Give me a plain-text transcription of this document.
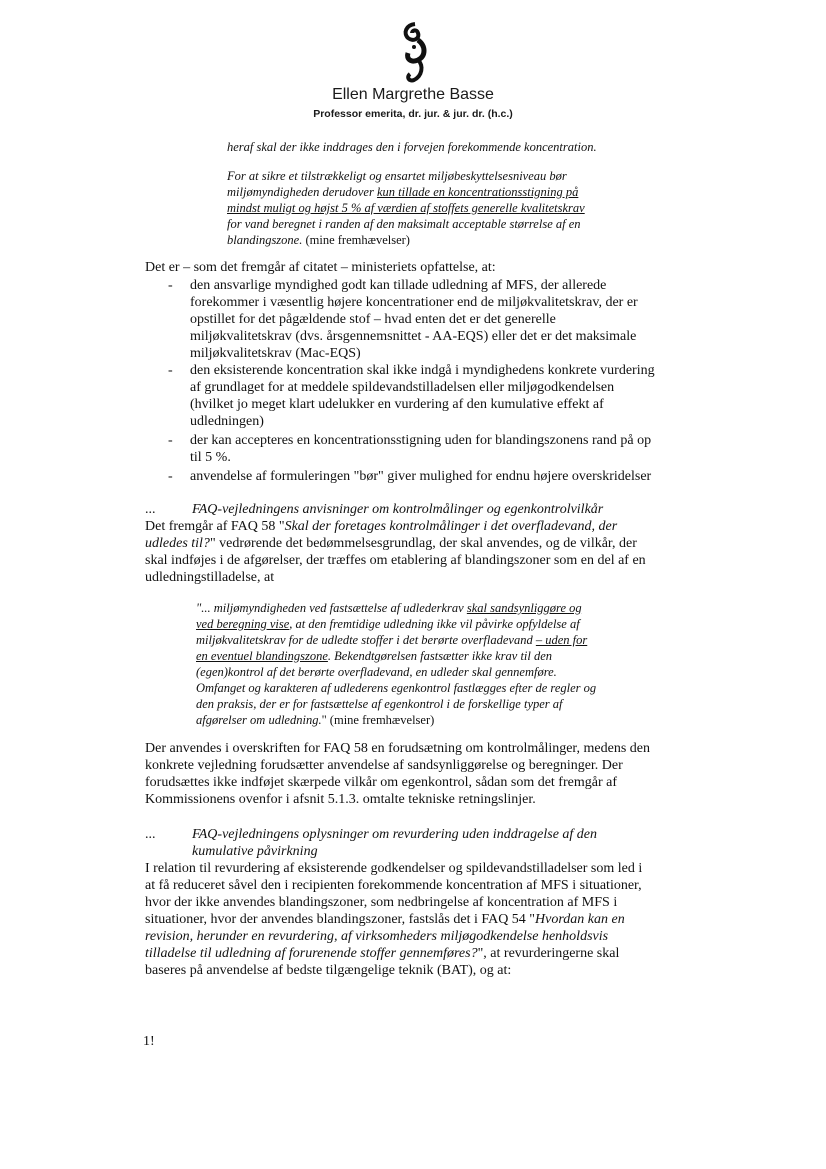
Ellen Margrethe Basse
Professor emerita, dr. jur. & jur. dr. (h.c.)
heraf skal der ikke inddrages den i forvejen forekommende koncentration.
For at sikre et tilstrækkeligt og ensartet miljøbeskyttelsesniveau bør
miljømyndigheden derudover kun tillade en koncentrationsstigning på
mindst muligt og højst 5 % af værdien af stoffets generelle kvalitetskrav
for vand beregnet i randen af den maksimalt acceptable størrelse af en
blandingszone. (mine fremhævelser)
Det er – som det fremgår af citatet – ministeriets opfattelse, at:
- den ansvarlige myndighed godt kan tillade udledning af MFS, der allerede
forekommer i væsentlig højere koncentrationer end de miljøkvalitetskrav, der er
opstillet for det pågældende stof – hvad enten det er det generelle
miljøkvalitetskrav (dvs. årsgennemsnittet - AA-EQS) eller det er det maksimale
miljøkvalitetskrav (Mac-EQS)
- den eksisterende koncentration skal ikke indgå i myndighedens konkrete vurdering
af grundlaget for at meddele spildevandstilladelsen eller miljøgodkendelsen
(hvilket jo meget klart udelukker en vurdering af den kumulative effekt af
udledningen)
- der kan accepteres en koncentrationsstigning uden for blandingszonens rand på op
til 5 %.
- anvendelse af formuleringen "bør" giver mulighed for endnu højere overskridelser
...	FAQ-vejledningens anvisninger om kontrolmålinger og egenkontrolvilkår
Det fremgår af FAQ 58 "Skal der foretages kontrolmålinger i det overfladevand, der
udledes til?" vedrørende det bedømmelsesgrundlag, der skal anvendes, og de vilkår, der
skal indføjes i de afgørelser, der træffes om etablering af blandingszoner som en del af en
udledningstilladelse, at
"... miljømyndigheden ved fastsættelse af udlederkrav skal sandsynliggøre og
ved beregning vise, at den fremtidige udledning ikke vil påvirke opfyldelse af
miljøkvalitetskrav for de udledte stoffer i det berørte overfladevand – uden for
en eventuel blandingszone. Bekendtgørelsen fastsætter ikke krav til den
(egen)kontrol af det berørte overfladevand, en udleder skal gennemføre.
Omfanget og karakteren af udlederens egenkontrol fastlægges efter de regler og
den praksis, der er for fastsættelse af egenkontrol i de forskellige typer af
afgørelser om udledning." (mine fremhævelser)
Der anvendes i overskriften for FAQ 58 en forudsætning om kontrolmålinger, medens den
konkrete vejledning forudsætter anvendelse af sandsynliggørelse og beregninger. Der
forudsættes ikke indføjet skærpede vilkår om egenkontrol, sådan som det fremgår af
Kommissionens ovenfor i afsnit 5.1.3. omtalte tekniske retningslinjer.
...	FAQ-vejledningens oplysninger om revurdering uden inddragelse af den
kumulative påvirkning
I relation til revurdering af eksisterende godkendelser og spildevandstilladelser som led i
at få reduceret såvel den i recipienten forekommende koncentration af MFS i situationer,
hvor der ikke anvendes blandingszoner, som nedbringelse af koncentration af MFS i
situationer, hvor der anvendes blandingszoner, fastslås det i FAQ 54 "Hvordan kan en
revision, herunder en revurdering, af virksomheders miljøgodkendelse henholdsvis
tilladelse til udledning af forurenende stoffer gennemføres?", at revurderingerne skal
baseres på anvendelse af bedste tilgængelige teknik (BAT), og at:
1!
